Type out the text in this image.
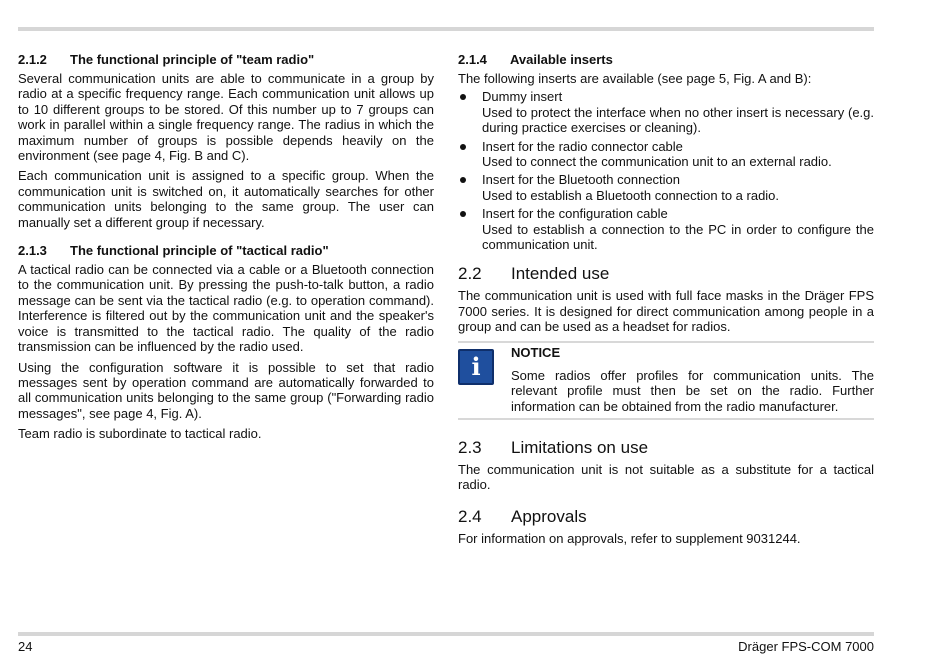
2.1.2	The functional principle of "team radio"

Several communication units are able to communicate in a group by radio at a specific frequency range. Each communication unit allows up to 10 different groups to be stored. Of this number up to 7 groups can work in parallel within a single frequency range. The radius in which the maximum number of groups is possible depends heavily on the environment (see page 4, Fig. B and C).

Each communication unit is assigned to a specific group. When the communication unit is switched on, it automatically searches for other communication units belonging to the same group. The user can manually set a different group if necessary.

2.1.3	The functional principle of "tactical radio"

A tactical radio can be connected via a cable or a Bluetooth connection to the communication unit. By pressing the push-to-talk button, a radio message can be sent via the tactical radio (e.g. to operation command). Interference is filtered out by the communication unit and the speaker's voice is transmitted to the tactical radio. The quality of the radio transmission can be influenced by the radio used.

Using the configuration software it is possible to set that radio messages sent by operation command are automatically forwarded to all communication units belonging to the same group ("Forwarding radio messages", see page 4, Fig. A).

Team radio is subordinate to tactical radio.

2.1.4	Available inserts

The following inserts are available (see page 5, Fig. A and B):

Dummy insert
Used to protect the interface when no other insert is necessary (e.g. during practice exercises or cleaning).
Insert for the radio connector cable
Used to connect the communication unit to an external radio.
Insert for the Bluetooth connection
Used to establish a Bluetooth connection to a radio.
Insert for the configuration cable
Used to establish a connection to the PC in order to configure the communication unit.
2.2	Intended use

The communication unit is used with full face masks in the Dräger FPS 7000 series. It is designed for direct communication among people in a group and can be used as a headset for radios.

i	NOTICE

Some radios offer profiles for communication units. The relevant profile must then be set on the radio. Further information can be obtained from the radio manufacturer.

2.3	Limitations on use

The communication unit is not suitable as a substitute for a tactical radio.

2.4	Approvals

For information on approvals, refer to supplement 9031244.

24	Dräger FPS-COM 7000
